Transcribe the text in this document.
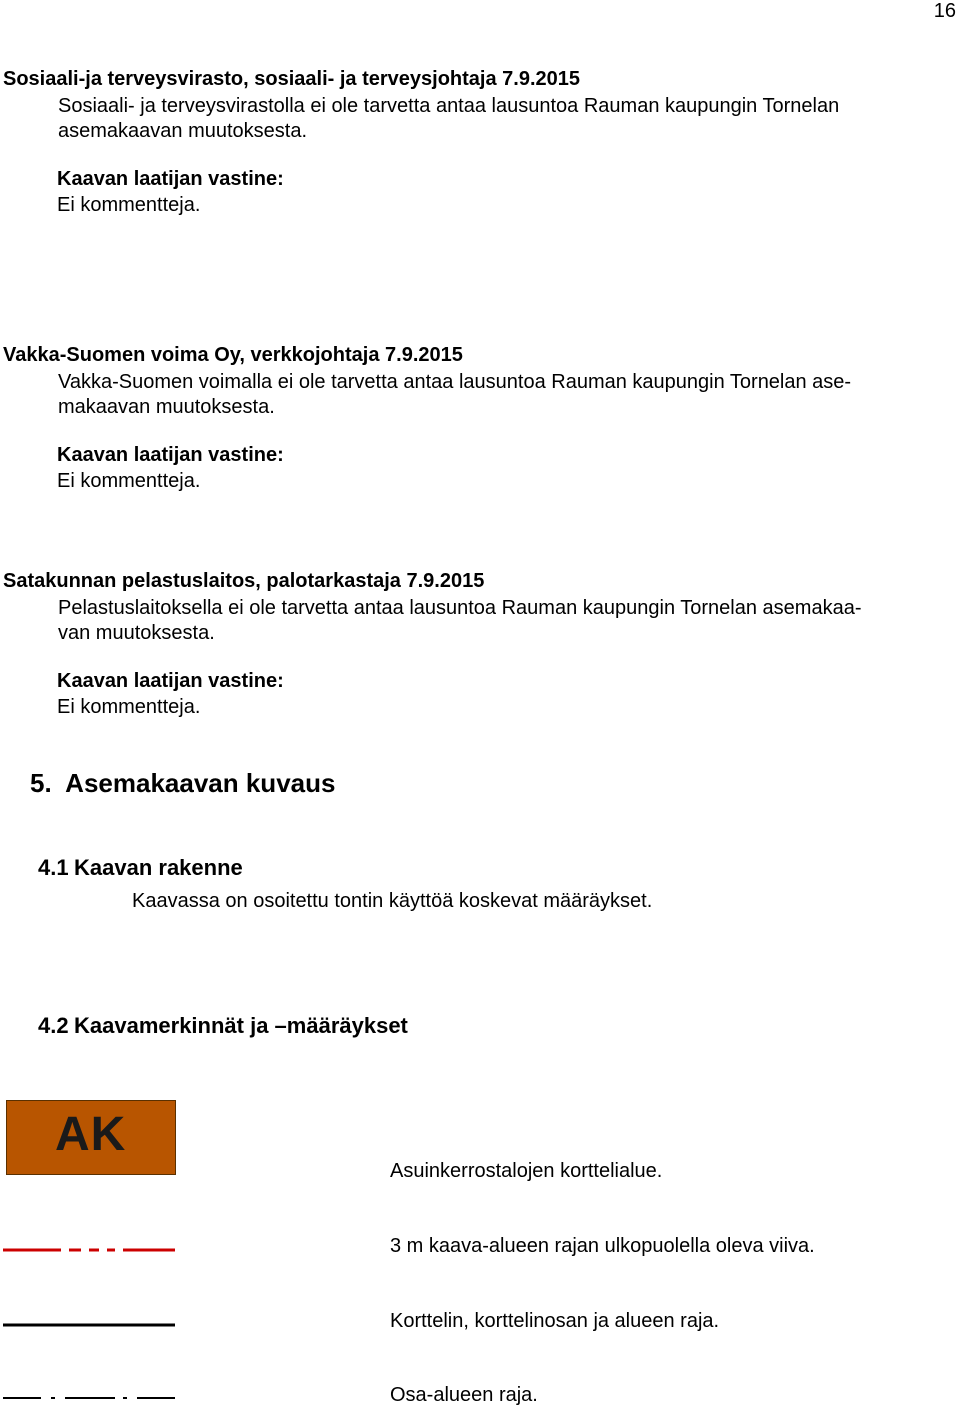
16
Sosiaali-ja terveysvirasto, sosiaali- ja terveysjohtaja 7.9.2015
Sosiaali- ja terveysvirastolla ei ole tarvetta antaa lausuntoa Rauman kaupungin Tornelan
asemakaavan muutoksesta.
Kaavan laatijan vastine:
Ei kommentteja.
Vakka-Suomen voima Oy, verkkojohtaja 7.9.2015
Vakka-Suomen voimalla ei ole tarvetta antaa lausuntoa Rauman kaupungin Tornelan ase-
makaavan muutoksesta.
Kaavan laatijan vastine:
Ei kommentteja.
Satakunnan pelastuslaitos, palotarkastaja 7.9.2015
Pelastuslaitoksella ei ole tarvetta antaa lausuntoa Rauman kaupungin Tornelan asemakaa-
van muutoksesta.
Kaavan laatijan vastine:
Ei kommentteja.
5. Asemakaavan kuvaus
4.1 Kaavan rakenne
Kaavassa on osoitettu tontin käyttöä koskevat määräykset.
4.2 Kaavamerkinnät ja –määräykset
AK
Asuinkerrostalojen korttelialue.
3 m kaava-alueen rajan ulkopuolella oleva viiva.
Korttelin, korttelinosan ja alueen raja.
Osa-alueen raja.
